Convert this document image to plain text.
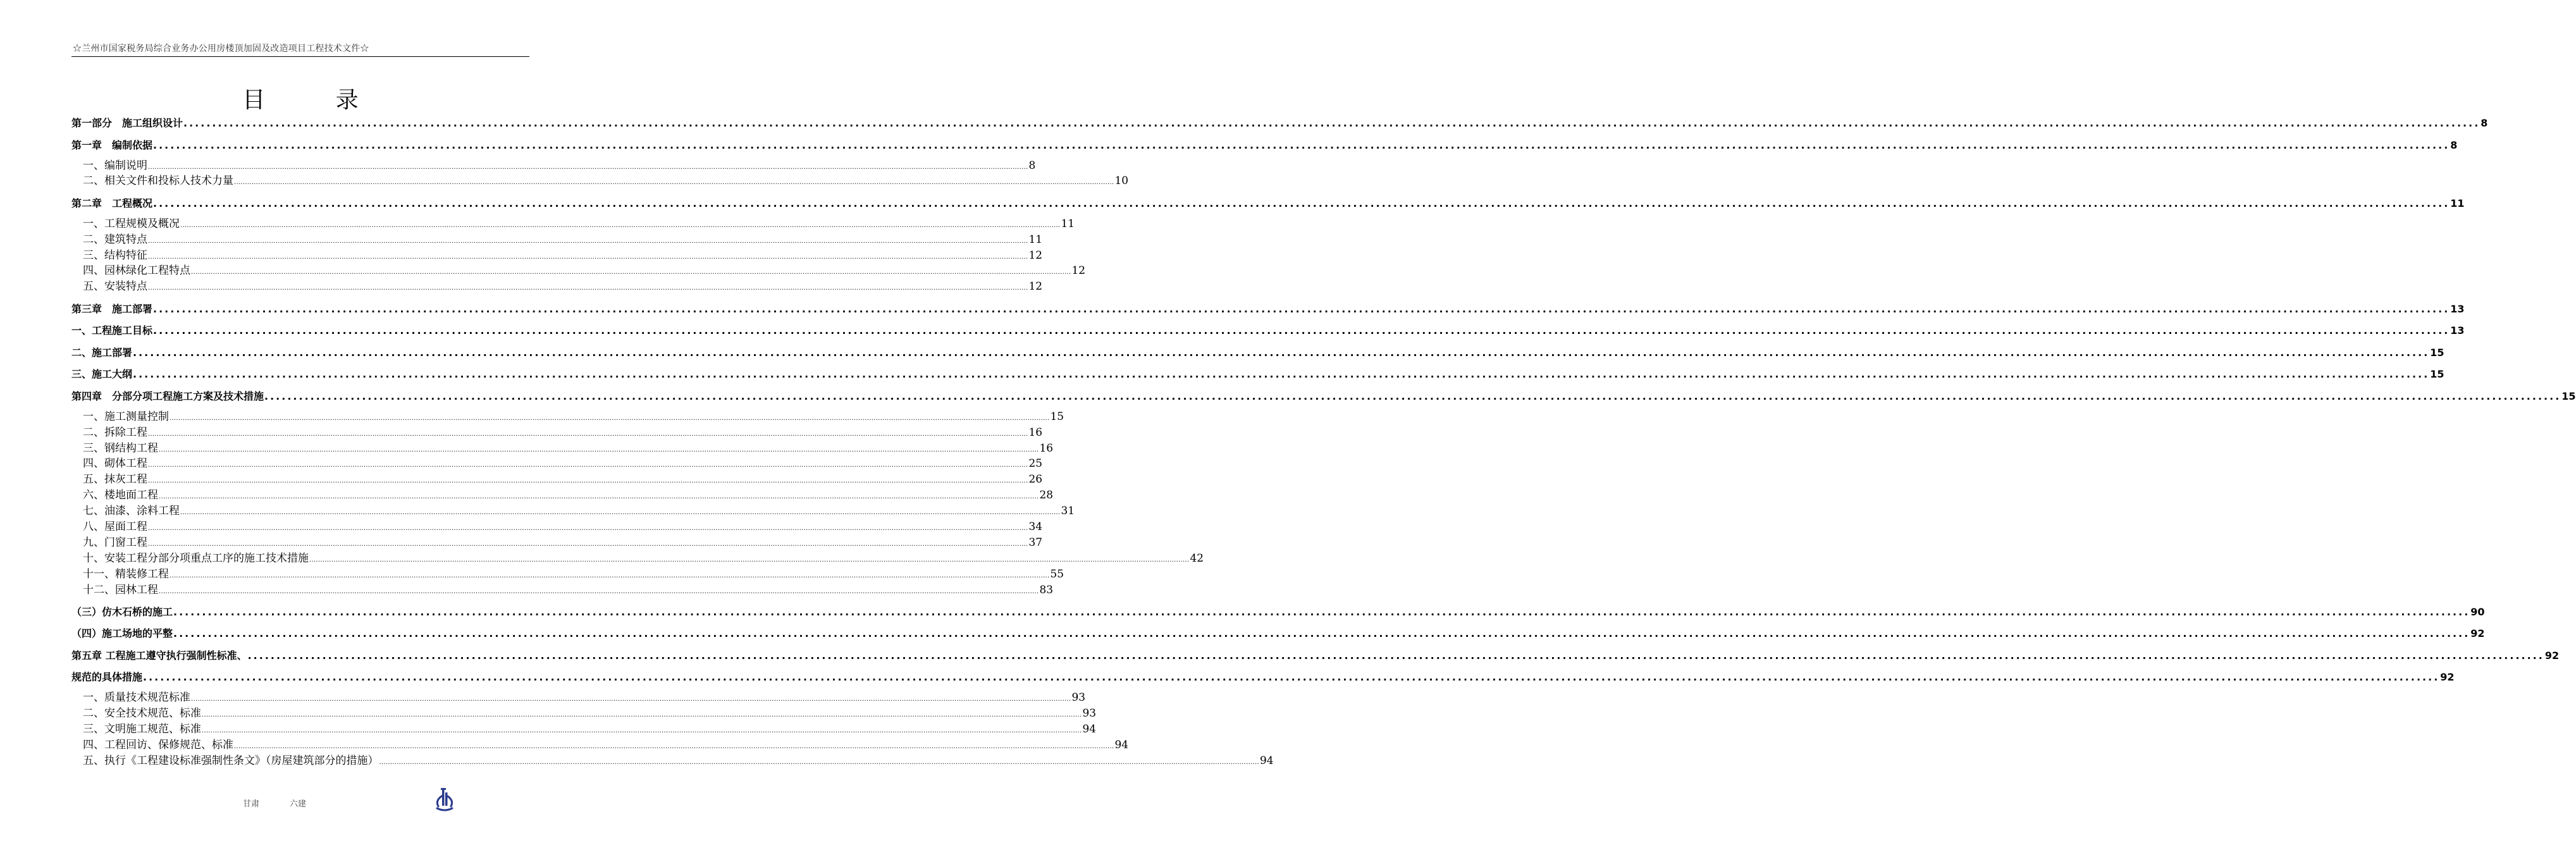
☆兰州市国家税务局综合业务办公用房楼顶加固及改造项目工程技术文件☆
目 录
第一部分　施工组织设计 ................................................................................................................................................................................................................................................................................................................................................................................................................ 8
第一章　编制依据 ................................................................................................................................................................................................................................................................................................................................................................................................................ 8
一、编制说明 ................................................................................................................................................................................................................................................................................................................................................................................................................ 8
二、相关文件和投标人技术力量 ................................................................................................................................................................................................................................................................................................................................................................................................................ 10
第二章　工程概况 ................................................................................................................................................................................................................................................................................................................................................................................................................ 11
一、工程规模及概况 ................................................................................................................................................................................................................................................................................................................................................................................................................ 11
二、建筑特点 ................................................................................................................................................................................................................................................................................................................................................................................................................ 11
三、结构特征 ................................................................................................................................................................................................................................................................................................................................................................................................................ 12
四、园林绿化工程特点 ................................................................................................................................................................................................................................................................................................................................................................................................................ 12
五、安装特点 ................................................................................................................................................................................................................................................................................................................................................................................................................ 12
第三章　施工部署 ................................................................................................................................................................................................................................................................................................................................................................................................................ 13
一、工程施工目标 ................................................................................................................................................................................................................................................................................................................................................................................................................ 13
二、施工部署 ................................................................................................................................................................................................................................................................................................................................................................................................................ 15
三、施工大纲 ................................................................................................................................................................................................................................................................................................................................................................................................................ 15
第四章　分部分项工程施工方案及技术措施 ................................................................................................................................................................................................................................................................................................................................................................................................................ 15
一、施工测量控制 ................................................................................................................................................................................................................................................................................................................................................................................................................ 15
二、拆除工程 ................................................................................................................................................................................................................................................................................................................................................................................................................ 16
三、钢结构工程 ................................................................................................................................................................................................................................................................................................................................................................................................................ 16
四、砌体工程 ................................................................................................................................................................................................................................................................................................................................................................................................................ 25
五、抹灰工程 ................................................................................................................................................................................................................................................................................................................................................................................................................ 26
六、楼地面工程 ................................................................................................................................................................................................................................................................................................................................................................................................................ 28
七、油漆、涂料工程 ................................................................................................................................................................................................................................................................................................................................................................................................................ 31
八、屋面工程 ................................................................................................................................................................................................................................................................................................................................................................................................................ 34
九、门窗工程 ................................................................................................................................................................................................................................................................................................................................................................................................................ 37
十、安装工程分部分项重点工序的施工技术措施 ................................................................................................................................................................................................................................................................................................................................................................................................................ 42
十一、精装修工程 ................................................................................................................................................................................................................................................................................................................................................................................................................ 55
十二、园林工程 ................................................................................................................................................................................................................................................................................................................................................................................................................ 83
（三）仿木石桥的施工 ................................................................................................................................................................................................................................................................................................................................................................................................................ 90
（四）施工场地的平整 ................................................................................................................................................................................................................................................................................................................................................................................................................ 92
第五章 工程施工遵守执行强制性标准、 ................................................................................................................................................................................................................................................................................................................................................................................................................ 92
规范的具体措施 ................................................................................................................................................................................................................................................................................................................................................................................................................ 92
一、质量技术规范标准 ................................................................................................................................................................................................................................................................................................................................................................................................................ 93
二、安全技术规范、标准 ................................................................................................................................................................................................................................................................................................................................................................................................................ 93
三、文明施工规范、标准 ................................................................................................................................................................................................................................................................................................................................................................................................................ 94
四、工程回访、保修规范、标准 ................................................................................................................................................................................................................................................................................................................................................................................................................ 94
五、执行《工程建设标准强制性条文》（房屋建筑部分的措施） ................................................................................................................................................................................................................................................................................................................................................................................................................ 94
甘肃	六建
